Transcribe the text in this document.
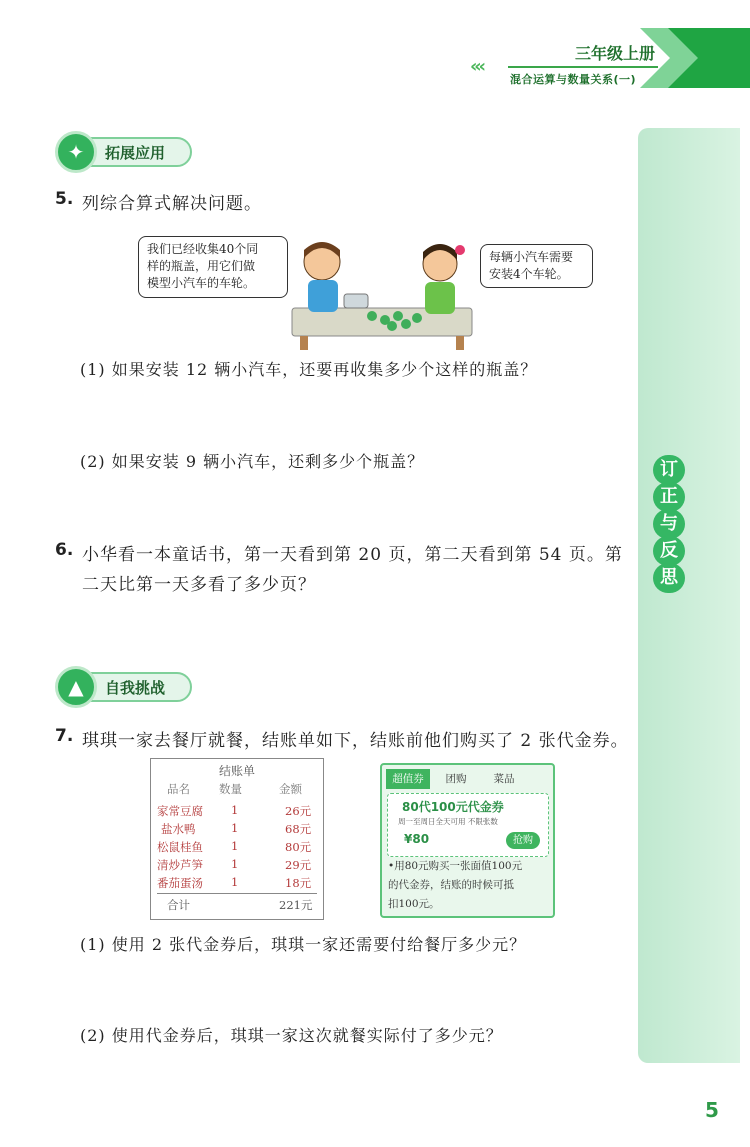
«‹
三年级上册
混合运算与数量关系(一)
订
正
与
反
思
✦	拓展应用
5. 列综合算式解决问题。
我们已经收集40个同
样的瓶盖，用它们做
模型小汽车的车轮。
每辆小汽车需要
安装4个车轮。
(1) 如果安装 12 辆小汽车，还要再收集多少个这样的瓶盖？
(2) 如果安装 9 辆小汽车，还剩多少个瓶盖？
6. 小华看一本童话书，第一天看到第 20 页，第二天看到第 54 页。第
二天比第一天多看了多少页？
▲	自我挑战
7. 琪琪一家去餐厅就餐，结账单如下，结账前他们购买了 2 张代金券。
结账单
品名	数量	金额
家常豆腐 1	26元
盐水鸭	1	68元
松鼠桂鱼 1	80元
清炒芦笋 1	29元
番茄蛋汤 1	18元
合计	221元
超值券	团购	菜品
80代100元代金券
周一至周日全天可用 不限张数
¥80	抢购
•用80元购买一张面值100元
的代金券，结账的时候可抵
扣100元。
(1) 使用 2 张代金券后，琪琪一家还需要付给餐厅多少元？
(2) 使用代金券后，琪琪一家这次就餐实际付了多少元？
5
